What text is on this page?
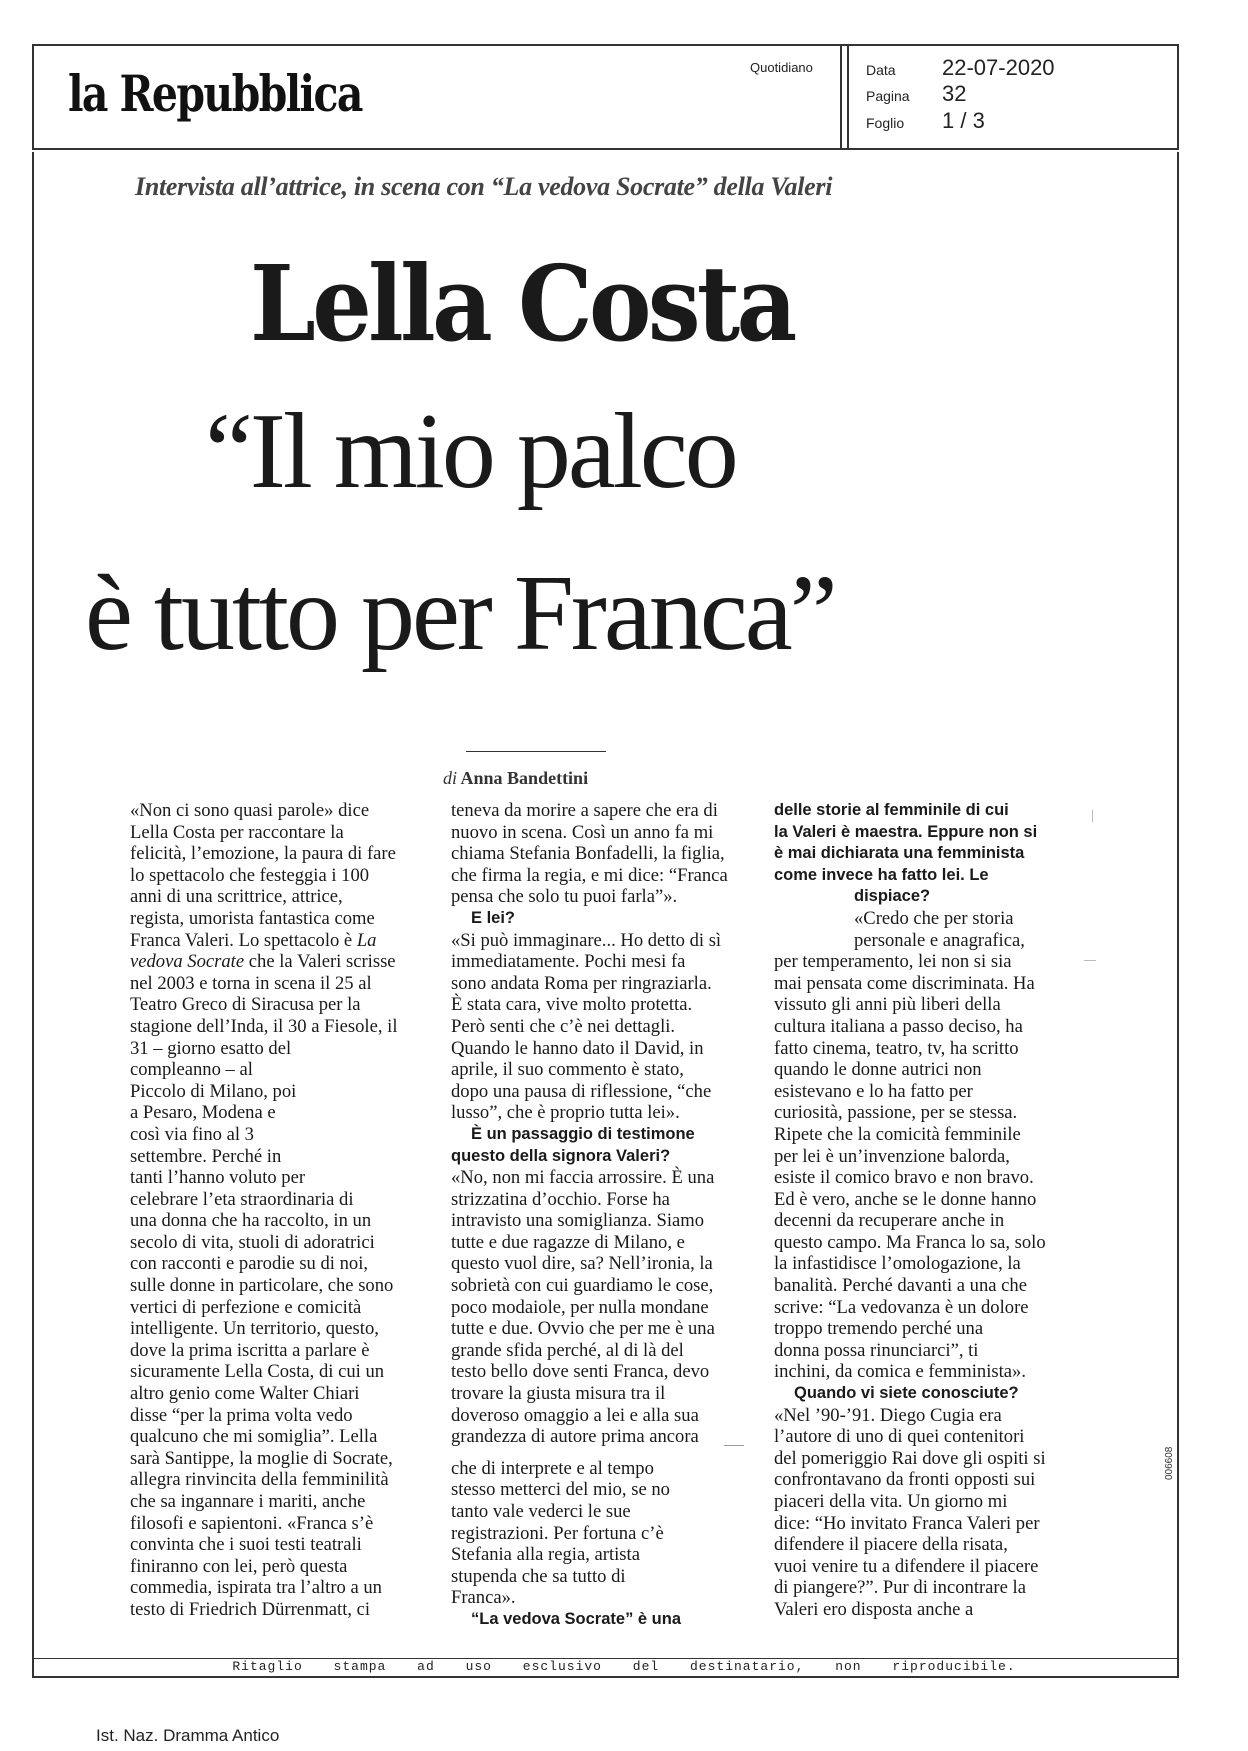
la Repubblica	Quotidiano	Data 22-07-2020
Pagina 32
Foglio 1 / 3
Intervista all’attrice, in scena con “La vedova Socrate” della Valeri
Lella Costa
“Il mio palco
è tutto per Franca”
di Anna Bandettini
«Non ci sono quasi parole» dice
Lella Costa per raccontare la
felicità, l’emozione, la paura di fare
lo spettacolo che festeggia i 100
anni di una scrittrice, attrice,
regista, umorista fantastica come
Franca Valeri. Lo spettacolo è La
vedova Socrate che la Valeri scrisse
nel 2003 e torna in scena il 25 al
Teatro Greco di Siracusa per la
stagione dell’Inda, il 30 a Fiesole, il
31 – giorno esatto del
compleanno – al
Piccolo di Milano, poi
a Pesaro, Modena e
così via fino al 3
settembre. Perché in
tanti l’hanno voluto per
celebrare l’eta straordinaria di
una donna che ha raccolto, in un
secolo di vita, stuoli di adoratrici
con racconti e parodie su di noi,
sulle donne in particolare, che sono
vertici di perfezione e comicità
intelligente. Un territorio, questo,
dove la prima iscritta a parlare è
sicuramente Lella Costa, di cui un
altro genio come Walter Chiari
disse “per la prima volta vedo
qualcuno che mi somiglia”. Lella
sarà Santippe, la moglie di Socrate,
allegra rinvincita della femminilità
che sa ingannare i mariti, anche
filosofi e sapientoni. «Franca s’è
convinta che i suoi testi teatrali
finiranno con lei, però questa
commedia, ispirata tra l’altro a un
testo di Friedrich Dürrenmatt, ci
teneva da morire a sapere che era di
nuovo in scena. Così un anno fa mi
chiama Stefania Bonfadelli, la figlia,
che firma la regia, e mi dice: “Franca
pensa che solo tu puoi farla”».
E lei?
«Si può immaginare... Ho detto di sì
immediatamente. Pochi mesi fa
sono andata Roma per ringraziarla.
È stata cara, vive molto protetta.
Però senti che c’è nei dettagli.
Quando le hanno dato il David, in
aprile, il suo commento è stato,
dopo una pausa di riflessione, “che
lusso”, che è proprio tutta lei».
È un passaggio di testimone
questo della signora Valeri?
«No, non mi faccia arrossire. È una
strizzatina d’occhio. Forse ha
intravisto una somiglianza. Siamo
tutte e due ragazze di Milano, e
questo vuol dire, sa? Nell’ironia, la
sobrietà con cui guardiamo le cose,
poco modaiole, per nulla mondane
tutte e due. Ovvio che per me è una
grande sfida perché, al di là del
testo bello dove senti Franca, devo
trovare la giusta misura tra il
doveroso omaggio a lei e alla sua
grandezza di autore prima ancora
che di interprete e al tempo
stesso metterci del mio, se no
tanto vale vederci le sue
registrazioni. Per fortuna c’è
Stefania alla regia, artista
stupenda che sa tutto di
Franca».
“La vedova Socrate” è una
delle storie al femminile di cui
la Valeri è maestra. Eppure non si
è mai dichiarata una femminista
come invece ha fatto lei. Le
dispiace?
«Credo che per storia
personale e anagrafica,
per temperamento, lei non si sia
mai pensata come discriminata. Ha
vissuto gli anni più liberi della
cultura italiana a passo deciso, ha
fatto cinema, teatro, tv, ha scritto
quando le donne autrici non
esistevano e lo ha fatto per
curiosità, passione, per se stessa.
Ripete che la comicità femminile
per lei è un’invenzione balorda,
esiste il comico bravo e non bravo.
Ed è vero, anche se le donne hanno
decenni da recuperare anche in
questo campo. Ma Franca lo sa, solo
la infastidisce l’omologazione, la
banalità. Perché davanti a una che
scrive: “La vedovanza è un dolore
troppo tremendo perché una
donna possa rinunciarci”, ti
inchini, da comica e femminista».
Quando vi siete conosciute?
«Nel ’90-’91. Diego Cugia era
l’autore di uno di quei contenitori
del pomeriggio Rai dove gli ospiti si
confrontavano da fronti opposti sui
piaceri della vita. Un giorno mi
dice: “Ho invitato Franca Valeri per
difendere il piacere della risata,
vuoi venire tu a difendere il piacere
di piangere?”. Pur di incontrare la
Valeri ero disposta anche a
Ritaglio stampa ad uso esclusivo del destinatario, non riproducibile.
006608
Ist. Naz. Dramma Antico
